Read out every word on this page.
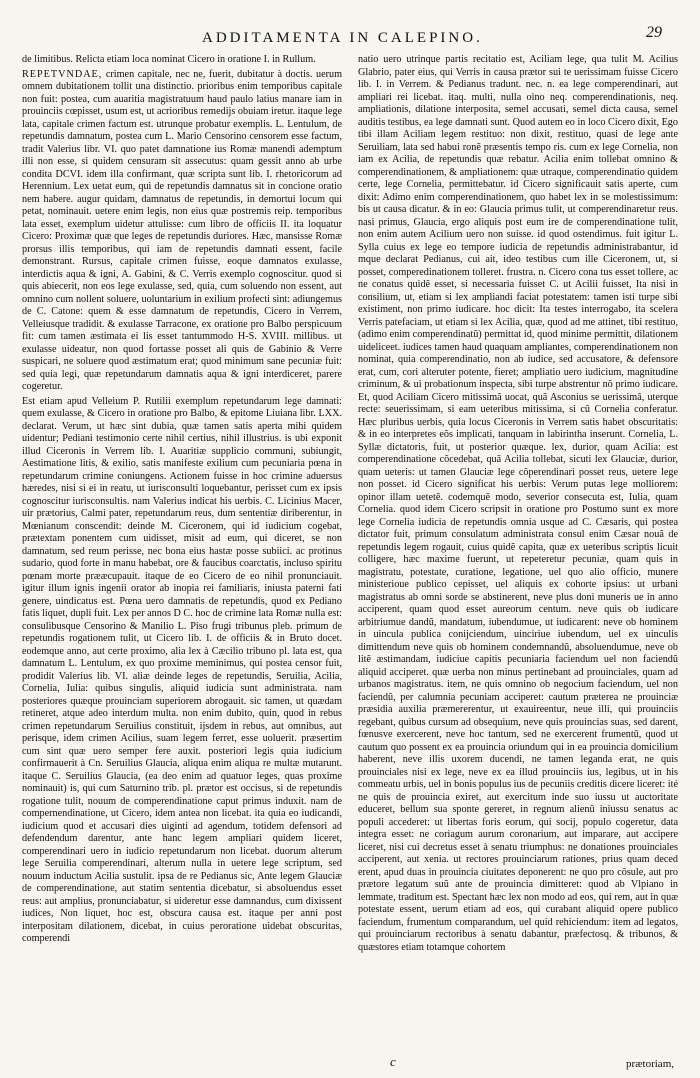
ADDITAMENTA IN CALEPINO.	29

de limitibus. Relicta etiam loca nominat Cicero in oratione I. in Rullum.

REPETVNDAE, crimen capitale, nec ne, fuerit, dubitatur à doctis. uerum omnem dubitationem tollit una distinctio. prioribus enim temporibus capitale non fuit: postea, cum auaritia magistratuum haud paulo latius manare iam in prouinciis cœpisset, usum est, ut acrioribus remedijs obuiam iretur. itaque lege lata, capitale crimen factum est. utrunque probatur exemplis. L. Lentulum, de repetundis damnatum, postea cum L. Mario Censorino censorem esse factum, tradit Valerius libr. VI. quo patet damnatione ius Romæ manendi ademptum illi non esse, si quidem censuram sit assecutus: quam gessit anno ab urbe condita DCVI. idem illa confirmant, quæ scripta sunt lib. I. rhetoricorum ad Herennium. Lex uetat eum, qui de repetundis damnatus sit in concione oratio nem habere. augur quidam, damnatus de repetundis, in demortui locum qui petat, nominauit. uetere enim legis, non eius quæ postremis reip. temporibus lata esset, exemplum uidetur attulisse: cum libro de officiis II. ita loquatur Cicero: Proximæ quæ que leges de repetundis duriores. Hæc, mansisse Romæ prorsus illis temporibus, qui iam de repetundis damnati essent, facile demonstrant. Rursus, capitale crimen fuisse, eoque damnatos exulasse, interdictis aqua & igni, A. Gabini, & C. Verris exemplo cognoscitur. quod si quis abiecerit, non eos lege exulasse, sed, quia, cum soluendo non essent, aut omnino cum nollent soluere, uoluntarium in exilium profecti sint: adiungemus de C. Catone: quem & esse damnatum de repetundis, Cicero in Verrem, Velleiusque tradidit. & exulasse Tarracone, ex oratione pro Balbo perspicuum fit: cum tamen æstimata ei lis esset tantummodo H-S. XVIII. millibus. ut exulasse uideatur, non quod fortasse posset ali quis de Gabinio & Verre suspicari, ne soluere quod æstimatum erat; quod minimum sane pecuniæ fuit: sed quia legi, quæ repetundarum damnatis aqua & igni interdiceret, parere cogeretur.

Est etiam apud Velleium P. Rutilii exemplum repetundarum lege damnati: quem exulasse, & Cicero in oratione pro Balbo, & epitome Liuiana libr. LXX. declarat. Verum, ut hæc sint dubia, quæ tamen satis aperta mihi quidem uidentur; Pediani testimonio certe nihil certius, nihil illustrius. is ubi exponit illud Ciceronis in Verrem lib. I. Auaritiæ supplicio communi, subiungit, Aestimatione litis, & exilio, satis manifeste exilium cum pecuniaria pœna in repetundarum crimine coniungens. Actionem fuisse in hoc crimine aduersus hæredes, nisi si ei in reatu, ut iurisconsulti loquebantur, perisset cum ex ipsis cognoscitur iurisconsultis. nam Valerius indicat his uerbis. C. Licinius Macer, uir prætorius, Calmi pater, repetundarum reus, dum sententiæ diriberentur, in Mœnianum conscendit: deinde M. Ciceronem, qui id iudicium cogebat, prætextam ponentem cum uidisset, misit ad eum, qui diceret, se non damnatum, sed reum perisse, nec bona eius hastæ posse subiici. ac protinus sudario, quod forte in manu habebat, ore & faucibus coarctatis, incluso spiritu pœnam morte prææcupauit. itaque de eo Cicero de eo nihil pronunciauit. igitur illum ignis ingenii orator ab inopia rei familiaris, iniusta paterni fati genere, uindicatus est. Pœna uero damnatis de repetundis, quod ex Pediano fatis liquet, dupli fuit. Lex per annos D C. hoc de crimine lata Romæ nulla est: consulibusque Censorino & Manilio L. Piso frugi tribunus pleb. primum de repetundis rogationem tulit, ut Cicero lib. I. de officiis & in Bruto docet. eodemque anno, aut certe proximo, alia lex à Cæcilio tribuno pl. lata est, qua damnatum L. Lentulum, ex quo proxime meminimus, qui postea censor fuit, prodidit Valerius lib. VI. aliæ deinde leges de repetundis, Seruilia, Acilia, Cornelia, Iulia: quibus singulis, aliquid iudicia sunt administrata. nam posteriores quæque prouinciam superiorem abrogauit. sic tamen, ut quædam retineret, atque adeo interdum multa. non enim dubito, quin, quod in rebus crimen repetundarum Seruilius constituit, ijsdem in rebus, aut omnibus, aut perisque, idem crimen Acilius, suam legem ferret, esse uoluerit. præsertim cum sint quæ uero semper fere auxit. posteriori legis quia iudicium confirmauerit à Cn. Seruilius Glaucia, aliqua enim aliqua re multæ mutarunt. itaque C. Seruilius Glaucia, (ea deo enim ad quatuor leges, quas proxime nominauit) is, qui cum Saturnino trib. pl. prætor est occisus, si de repetundis rogatione tulit, nouum de comperendinatione caput primus induxit. nam de compernendinatione, ut Cicero, idem antea non licebat. ita quia eo iudicandi, iudicium quod et accusari dies uiginti ad agendum, totidem defensori ad defendendum darentur, ante hanc legem ampliari quidem liceret, comperendinari uero in iudicio repetundarum non licebat. duorum alterum lege Seruilia comperendinari, alterum nulla in uetere lege scriptum, sed nouum inductum Acilia sustulit. ipsa de re Pedianus sic, Ante legem Glauciæ de comperendinatione, aut statim sententia dicebatur, si absoluendus esset reus: aut amplius, pronunciabatur, si uideretur esse damnandus, cum dixissent iudices, Non liquet, hoc est, obscura causa est. itaque per anni post interpositam dilationem, dicebat, in cuius peroratione uidebat obscuritas, comperendi

natio uero utrinque partis recitatio est, Aciliam lege, qua tulit M. Acilius Glabrio, pater eius, qui Verris in causa prætor sui te uerissimam fuisse Cicero lib. I. in Verrem. & Pedianus tradunt. nec. n. ea lege comperendinari, aut ampliari rei licebat. itaq. multi, nulla oino neq. comperendinationis, neq. ampliationis, dilatione interposita, semel accusati, semel dicta causa, semel auditis testibus, ea lege damnati sunt. Quod autem eo in loco Cicero dixit, Ego tibi illam Aciliam legem restituo: non dixit, restituo, quasi de lege ante Seruiliam, lata sed habui ronẽ præsentis tempo ris. cum ex lege Cornelia, non iam ex Acilia, de repetundis quæ rebatur. Acilia enim tollebat omnino & comperendinationem, & ampliationem: quæ utraque, comperendinatio quidem certe, lege Cornelia, permittebatur. id Cicero significauit satis aperte, cum dixit: Adimo enim comperendinationem, quo habet lex in se molestissimum: bis ut causa dicatur. & in eo: Glaucia primus tulit, ut comperendinaretur reus. nasi primus, Glaucia, ergo aliquis post eum ire de comperendinatione tulit, non enim autem Acilium uero non suisse. id quod ostendimus. fuit igitur L. Sylla cuius ex lege eo tempore iudicia de repetundis administrabantur, id mque declarat Pedianus, cui ait, ideo testibus cum ille Ciceronem, ut, si posset, comperedinationem tolleret. frustra. n. Cicero cona tus esset tollere, ac ne conatus quidẽ esset, si necessaria fuisset C. ut Acilii fuisset, Ita nisi in consilium, ut, etiam si lex ampliandi faciat potestatem: tamen isti turpe sibi existiment, non primo iudicare. hoc dicit: Ita testes interrogabo, ita scelera Verris patefaciam, ut etiam si lex Acilia, quæ, quod ad me attinet, tibi restituo, (adimo enim comperendinatũ) permittat id, quod minime permittit, dilationem uideliceet. iudices tamen haud quaquam ampliantes, comperendinationem non nominat, quia comperendinatio, non ab iudice, sed accusatore, & defensore erat, cum, cori alteruter potente, fieret; ampliatio uero iudicium, magnitudine criminum, & ui probationum inspecta, sibi turpe abstrentur nõ primo iudicare. Et, quod Aciliam Cicero mitissimã uocat, quã Asconius se uerissimã, uterque recte: seuerissimam, si eam ueteribus mitissima, si cũ Cornelia conferatur. Hæc pluribus uerbis, quia locus Ciceronis in Verrem satis habet obscuritatis: & in eo interpretes eõs implicati, tanquam in labirintha inserunt. Cornelia, L. Syllæ dictatoris, fuit, ut posterior quæque. lex, durior, quam Acilia: est comperendinatione cõcedebat, quã Acilia tollebat, sicuti lex Glauciæ, durior, quam ueteris: ut tamen Glauciæ lege cõperendinari posset reus, uetere lege non posset. id Cicero significat his uerbis: Verum putas lege molliorem: opinor illam uetetẽ. codemquẽ modo, severior consecuta est, Iulia, quam Cornelia. quod idem Cicero scripsit in oratione pro Postumo sunt ex more lege Cornelia iudicia de repetundis omnia usque ad C. Cæsaris, qui postea dictator fuit, primum consulatum administrata consul enim Cæsar nouã de repetundis legem rogauit, cuius quidẽ capita, quæ ex ueteribus scriptis licuit colligere, hæc maxime fuerunt, ut repeteretur pecuniæ, quam quis in magistratu, potestate, curatione, legatione, uel quo alio officio, munere ministerioue publico cepisset, uel aliquis ex cohorte ipsius: ut urbani magistratus ab omni sorde se abstinerent, neve plus doni muneris ue in anno acciperent, quam quod esset aureorum centum. neve quis ob iudicare arbitriumue dandũ, mandatum, iubendumue, ut iudicarent: neve ob hominem in uincula publica conijciendum, uinciriue iubendum, uel ex uinculis dimittendum neve quis ob hominem condemnandũ, absoluendumue, neve ob litẽ æstimandam, iudiciue capitis pecuniaria faciendum uel non faciendũ aliquid acciperet. quæ uerba non minus pertinebant ad prouinciales, quam ad urbanos magistratus. item, ne quis omnino ob negocium faciendum, uel non faciendũ, per calumnia pecuniam acciperet: cautum præterea ne prouinciæ præsidia auxilia præmererentur, ut exauireentur, neue illi, qui prouinciis regebant, quibus cursum ad obsequium, neve quis prouincias suas, sed darent, fœnusve exercerent, neve hoc tantum, sed ne exercerent frumentũ, quod ut cautum quo possent ex ea prouincia oriundum qui in ea prouincia domicilium haberent, neve illis uxorem ducendi, ne tamen leganda erat, ne quis prouinciales nisi ex lege, neve ex ea illud prouinciis ius, legibus, ut in his commeatu urbis, uel in bonis populus ius de pecuniis creditis dicere liceret: ité ne quis de prouincia exiret, aut exercitum inde suo iussu ut auctoritate educeret, bellum sua sponte gereret, in regnum alienũ iniussu senatus ac populi accederet: ut libertas foris eorum, qui socij, populo cogeretur, data integra esset: ne coriagum aurum coronarium, aut imparare, aut accipere liceret, nisi cui decretus esset à senatu triumphus: ne donationes prouinciales acciperent, aut xenia. ut rectores prouinciarum rationes, prius quam deced erent, apud duas in prouincia ciuitates deponerent: ne quo pro cõsule, aut pro prætore legatum suũ ante de prouincia dimitteret: quod ab Vlpiano in lemmate, traditum est. Spectant hæc lex non modo ad eos, qui rem, aut in quæ potestate essent, uerum etiam ad eos, qui curabant aliquid opere publico faciendum, frumentum comparandum, uel quid rehiciendum: item ad legatos, qui prouinciarum rectoribus à senatu dabantur, præfectosq. & tribunos, & quæstores etiam totamque cohortem

c	prætoriam,
